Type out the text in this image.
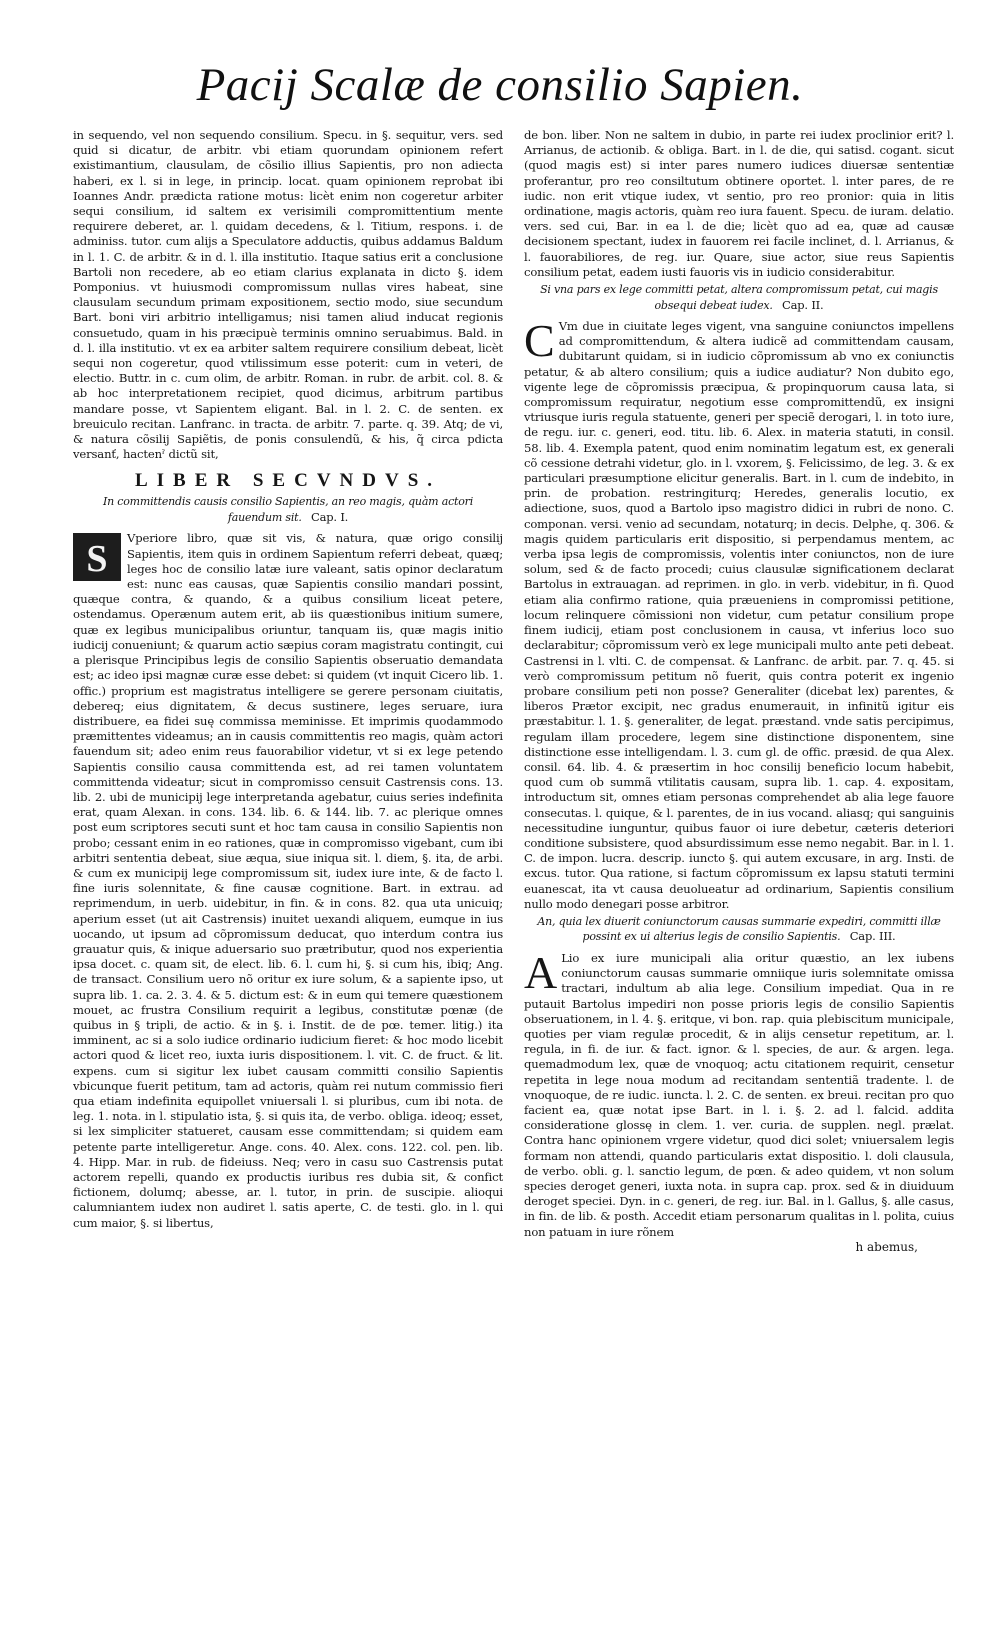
Pacij Scalæ de consilio Sapien.

in sequendo, vel non sequendo consilium. Specu. in §. sequitur, vers. sed quid si dicatur, de arbitr. vbi etiam quorundam opinionem refert existimantium, clausulam, de cõsilio illius Sapientis, pro non adiecta haberi, ex l. si in lege, in princip. locat. quam opinionem reprobat ibi Ioannes Andr. prædicta ratione motus: licèt enim non cogeretur arbiter sequi consilium, id saltem ex verisimili compromittentium mente requirere deberet, ar. l. quidam decedens, & l. Titium, respons. i. de adminiss. tutor. cum alijs a Speculatore adductis, quibus addamus Baldum in l. 1. C. de arbitr. & in d. l. illa institutio. Itaque satius erit a conclusione Bartoli non recedere, ab eo etiam clarius explanata in dicto §. idem Pomponius. vt huiusmodi compromissum nullas vires habeat, sine clausulam secundum primam expositionem, sectio modo, siue secundum Bart. boni viri arbitrio intelligamus; nisi tamen aliud inducat regionis consuetudo, quam in his præcipuè terminis omnino seruabimus. Bald. in d. l. illa institutio. vt ex ea arbiter saltem requirere consilium debeat, licèt sequi non cogeretur, quod vtilissimum esse poterit: cum in veteri, de electio. Buttr. in c. cum olim, de arbitr. Roman. in rubr. de arbit. col. 8. & ab hoc interpretationem recipiet, quod dicimus, arbitrum partibus mandare posse, vt Sapientem eligant. Bal. in l. 2. C. de senten. ex breuiculo recitan. Lanfranc. in tracta. de arbitr. 7. parte. q. 39. Atq; de vi, & natura cõsilij Sapiẽtis, de ponis consulendũ, & his, q̃ circa pdicta versanť, hactenˀ dictũ sit,

LIBER SECVNDVS.
In committendis causis consilio Sapientis, an reo magis, quàm actori fauendum sit. Cap. I.
S	Vperiore libro, quæ sit vis, & natura, quæ origo consilij Sapientis, item quis in ordinem Sapientum referri debeat, quæq; leges hoc de consilio latæ iure valeant, satis opinor declaratum est: nunc eas causas, quæ Sapientis consilio mandari possint, quæque contra, & quando, & a quibus consilium liceat petere, ostendamus. Operænum autem erit, ab iis quæstionibus initium sumere, quæ ex legibus municipalibus oriuntur, tanquam iis, quæ magis initio iudicij conueniunt; & quarum actio sæpius coram magistratu contingit, cui a plerisque Principibus legis de consilio Sapientis obseruatio demandata est; ac ideo ipsi magnæ curæ esse debet: si quidem (vt inquit Cicero lib. 1. offic.) proprium est magistratus intelligere se gerere personam ciuitatis, debereq; eius dignitatem, & decus sustinere, leges seruare, iura distribuere, ea fidei suę commissa meminisse. Et imprimis quodammodo præmittentes videamus; an in causis committentis reo magis, quàm actori fauendum sit; adeo enim reus fauorabilior videtur, vt si ex lege petendo Sapientis consilio causa committenda est, ad rei tamen voluntatem committenda videatur; sicut in compromisso censuit Castrensis cons. 13. lib. 2. ubi de municipij lege interpretanda agebatur, cuius series indefinita erat, quam Alexan. in cons. 134. lib. 6. & 144. lib. 7. ac plerique omnes post eum scriptores secuti sunt et hoc tam causa in consilio Sapientis non probo; cessant enim in eo rationes, quæ in compromisso vigebant, cum ibi arbitri sententia debeat, siue æqua, siue iniqua sit. l. diem, §. ita, de arbi. & cum ex municipij lege compromissum sit, iudex iure inte, & de facto l. fine iuris solennitate, & fine causæ cognitione. Bart. in extrau. ad reprimendum, in uerb. uidebitur, in fin. & in cons. 82. qua uta unicuiq; aperium esset (ut ait Castrensis) inuitet uexandi aliquem, eumque in ius uocando, ut ipsum ad cõpromissum deducat, quo interdum contra ius grauatur quis, & inique aduersario suo prætributur, quod nos experientia ipsa docet. c. quam sit, de elect. lib. 6. l. cum hi, §. si cum his, ibiq; Ang. de transact. Consilium uero nõ oritur ex iure solum, & a sapiente ipso, ut supra lib. 1. ca. 2. 3. 4. & 5. dictum est: & in eum qui temere quæstionem mouet, ac frustra Consilium requirit a legibus, constitutæ pœnæ (de quibus in § tripli, de actio. & in §. i. Instit. de de pœ. temer. litig.) ita imminent, ac si a solo iudice ordinario iudicium fieret: & hoc modo licebit actori quod & licet reo, iuxta iuris dispositionem. l. vit. C. de fruct. & lit. expens. cum si sigitur lex iubet causam committi consilio Sapientis vbicunque fuerit petitum, tam ad actoris, quàm rei nutum commissio fieri qua etiam indefinita equipollet vniuersali l. si pluribus, cum ibi nota. de leg. 1. nota. in l. stipulatio ista, §. si quis ita, de verbo. obliga. ideoq; esset, si lex simpliciter statueret, causam esse committendam; si quidem eam petente parte intelligeretur. Ange. cons. 40. Alex. cons. 122. col. pen. lib. 4. Hipp. Mar. in rub. de fideiuss. Neq; vero in casu suo Castrensis putat actorem repelli, quando ex productis iuribus res dubia sit, & confict fictionem, dolumq; abesse, ar. l. tutor, in prin. de suscipie. alioqui calumniantem iudex non audiret l. satis aperte, C. de testi. glo. in l. qui cum maior, §. si libertus,

de bon. liber. Non ne saltem in dubio, in parte rei iudex proclinior erit? l. Arrianus, de actionib. & obliga. Bart. in l. de die, qui satisd. cogant. sicut (quod magis est) si inter pares numero iudices diuersæ sententiæ proferantur, pro reo consiltutum obtinere oportet. l. inter pares, de re iudic. non erit vtique iudex, vt sentio, pro reo pronior: quia in litis ordinatione, magis actoris, quàm reo iura fauent. Specu. de iuram. delatio. vers. sed cui, Bar. in ea l. de die; licèt quo ad ea, quæ ad causæ decisionem spectant, iudex in fauorem rei facile inclinet, d. l. Arrianus, & l. fauorabiliores, de reg. iur. Quare, siue actor, siue reus Sapientis consilium petat, eadem iusti fauoris vis in iudicio considerabitur.

Si vna pars ex lege committi petat, altera compromissum petat, cui magis obsequi debeat iudex. Cap. II.
C Vm due in ciuitate leges vigent, vna sanguine coniunctos impellens ad compromittendum, & altera iudicẽ ad committendam causam, dubitarunt quidam, si in iudicio cõpromissum ab vno ex coniunctis petatur, & ab altero consilium; quis a iudice audiatur? Non dubito ego, vigente lege de cõpromissis præcipua, & propinquorum causa lata, si compromissum requiratur, negotium esse compromittendũ, ex insigni vtriusque iuris regula statuente, generi per speciẽ derogari, l. in toto iure, de regu. iur. c. generi, eod. titu. lib. 6. Alex. in materia statuti, in consil. 58. lib. 4. Exempla patent, quod enim nominatim legatum est, ex generali cõ cessione detrahi videtur, glo. in l. vxorem, §. Felicissimo, de leg. 3. & ex particulari præsumptione elicitur generalis. Bart. in l. cum de indebito, in prin. de probation. restringiturq; Heredes, generalis locutio, ex adiectione, suos, quod a Bartolo ipso magistro didici in rubri de nono. C. componan. versi. venio ad secundam, notaturq; in decis. Delphe, q. 306. & magis quidem particularis erit dispositio, si perpendamus mentem, ac verba ipsa legis de compromissis, volentis inter coniunctos, non de iure solum, sed & de facto procedi; cuius clausulæ significationem declarat Bartolus in extrauagan. ad reprimen. in glo. in verb. videbitur, in fi. Quod etiam alia confirmo ratione, quia præueniens in compromissi petitione, locum relinquere cõmissioni non videtur, cum petatur consilium prope finem iudicij, etiam post conclusionem in causa, vt inferius loco suo declarabitur; cõpromissum verò ex lege municipali multo ante peti debeat. Castrensi in l. vlti. C. de compensat. & Lanfranc. de arbit. par. 7. q. 45. si verò compromissum petitum nõ fuerit, quis contra poterit ex ingenio probare consilium peti non posse? Generaliter (dicebat lex) parentes, & liberos Prætor excipit, nec gradus enumerauit, in infinitũ igitur eis præstabitur. l. 1. §. generaliter, de legat. præstand. vnde satis percipimus, regulam illam procedere, legem sine distinctione disponentem, sine distinctione esse intelligendam. l. 3. cum gl. de offic. præsid. de qua Alex. consil. 64. lib. 4. & præsertim in hoc consilij beneficio locum habebit, quod cum ob summã vtilitatis causam, supra lib. 1. cap. 4. expositam, introductum sit, omnes etiam personas comprehendet ab alia lege fauore consecutas. l. quique, & l. parentes, de in ius vocand. aliasq; qui sanguinis necessitudine iunguntur, quibus fauor oi iure debetur, cæteris deteriori conditione subsistere, quod absurdissimum esse nemo negabit. Bar. in l. 1. C. de impon. lucra. descrip. iuncto §. qui autem excusare, in arg. Insti. de excus. tutor. Qua ratione, si factum cõpromissum ex lapsu statuti termini euanescat, ita vt causa deuolueatur ad ordinarium, Sapientis consilium nullo modo denegari posse arbitror.

An, quia lex diuerit coniunctorum causas summarie expediri, committi illæ possint ex ui alterius legis de consilio Sapientis. Cap. III.
A Lio ex iure municipali alia oritur quæstio, an lex iubens coniunctorum causas summarie omniique iuris solemnitate omissa tractari, indultum ab alia lege. Consilium impediat. Qua in re putauit Bartolus impediri non posse prioris legis de consilio Sapientis obseruationem, in l. 4. §. eritque, vi bon. rap. quia plebiscitum municipale, quoties per viam regulæ procedit, & in alijs censetur repetitum, ar. l. regula, in fi. de iur. & fact. ignor. & l. species, de aur. & argen. lega. quemadmodum lex, quæ de vnoquoq; actu citationem requirit, censetur repetita in lege noua modum ad recitandam sententiã tradente. l. de vnoquoque, de re iudic. iuncta. l. 2. C. de senten. ex breui. recitan pro quo facient ea, quæ notat ipse Bart. in l. i. §. 2. ad l. falcid. addita consideratione glossę in clem. 1. ver. curia. de supplen. negl. prælat. Contra hanc opinionem vrgere videtur, quod dici solet; vniuersalem legis formam non attendi, quando particularis extat dispositio. l. doli clausula, de verbo. obli. g. l. sanctio legum, de pœn. & adeo quidem, vt non solum species deroget generi, iuxta nota. in supra cap. prox. sed & in diuiduum deroget speciei. Dyn. in c. generi, de reg. iur. Bal. in l. Gallus, §. alle casus, in fin. de lib. & posth. Accedit etiam personarum qualitas in l. polita, cuius non patuam in iure rõnem

h abemus,
